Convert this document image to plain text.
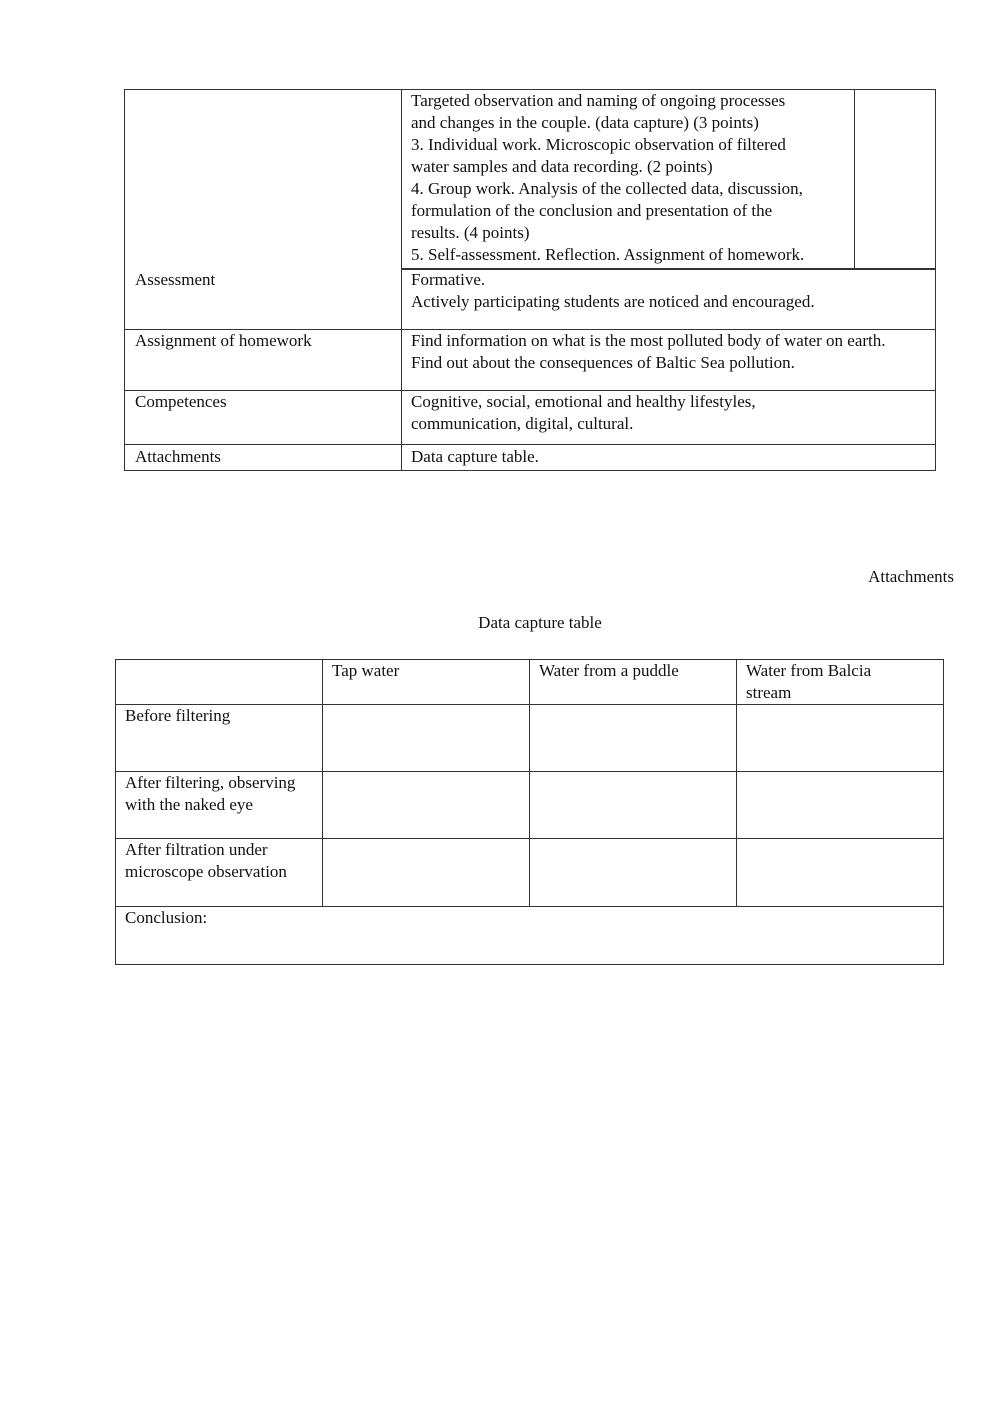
Targeted observation and naming of ongoing processes
and changes in the couple. (data capture) (3 points)
3. Individual work. Microscopic observation of filtered
water samples and data recording. (2 points)
4. Group work. Analysis of the collected data, discussion,
formulation of the conclusion and presentation of the
results. (4 points)
5. Self-assessment. Reflection. Assignment of homework.
Assessment	Formative.
Actively participating students are noticed and encouraged.
Assignment of homework	Find information on what is the most polluted body of water on earth.
Find out about the consequences of Baltic Sea pollution.
Competences	Cognitive, social, emotional and healthy lifestyles,
communication, digital, cultural.
Attachments	Data capture table.
Attachments
Data capture table

	Tap water	Water from a puddle	Water from Balcia
stream

Before filtering			

After filtering, observing
with the naked eye			

After filtration under
microscope observation			

Conclusion:			
